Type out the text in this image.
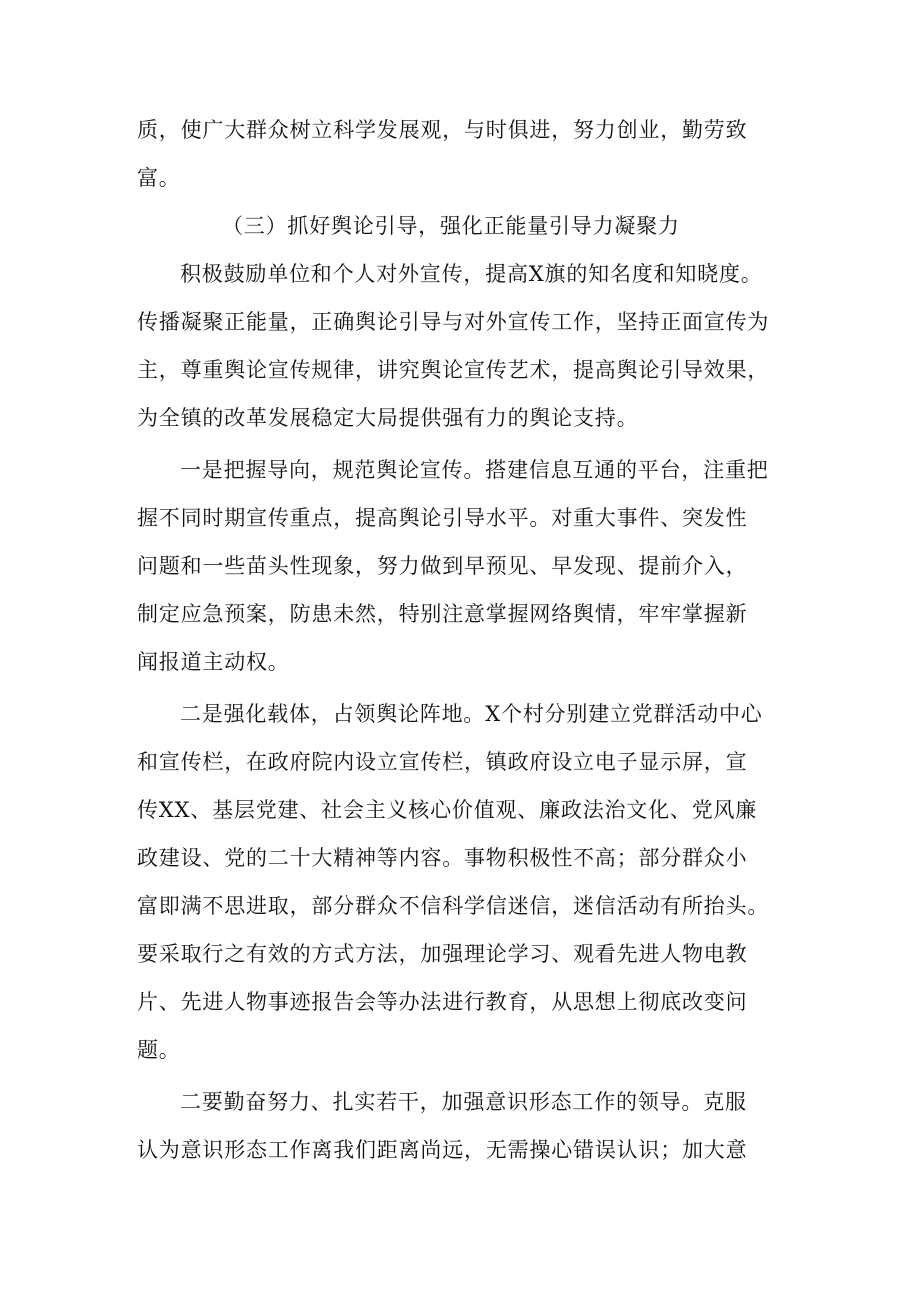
质，使广大群众树立科学发展观，与时俱进，努力创业，勤劳致
富。
（三）抓好舆论引导，强化正能量引导力凝聚力
积极鼓励单位和个人对外宣传，提高X旗的知名度和知晓度。
传播凝聚正能量，正确舆论引导与对外宣传工作，坚持正面宣传为
主，尊重舆论宣传规律，讲究舆论宣传艺术，提高舆论引导效果，
为全镇的改革发展稳定大局提供强有力的舆论支持。
一是把握导向，规范舆论宣传。搭建信息互通的平台，注重把
握不同时期宣传重点，提高舆论引导水平。对重大事件、突发性
问题和一些苗头性现象，努力做到早预见、早发现、提前介入，
制定应急预案，防患未然，特别注意掌握网络舆情，牢牢掌握新
闻报道主动权。
二是强化载体，占领舆论阵地。X个村分别建立党群活动中心
和宣传栏，在政府院内设立宣传栏，镇政府设立电子显示屏，宣
传XX、基层党建、社会主义核心价值观、廉政法治文化、党风廉
政建设、党的二十大精神等内容。事物积极性不高；部分群众小
富即满不思进取，部分群众不信科学信迷信，迷信活动有所抬头。
要采取行之有效的方式方法，加强理论学习、观看先进人物电教
片、先进人物事迹报告会等办法进行教育，从思想上彻底改变问
题。
二要勤奋努力、扎实若干，加强意识形态工作的领导。克服
认为意识形态工作离我们距离尚远，无需操心错误认识；加大意
